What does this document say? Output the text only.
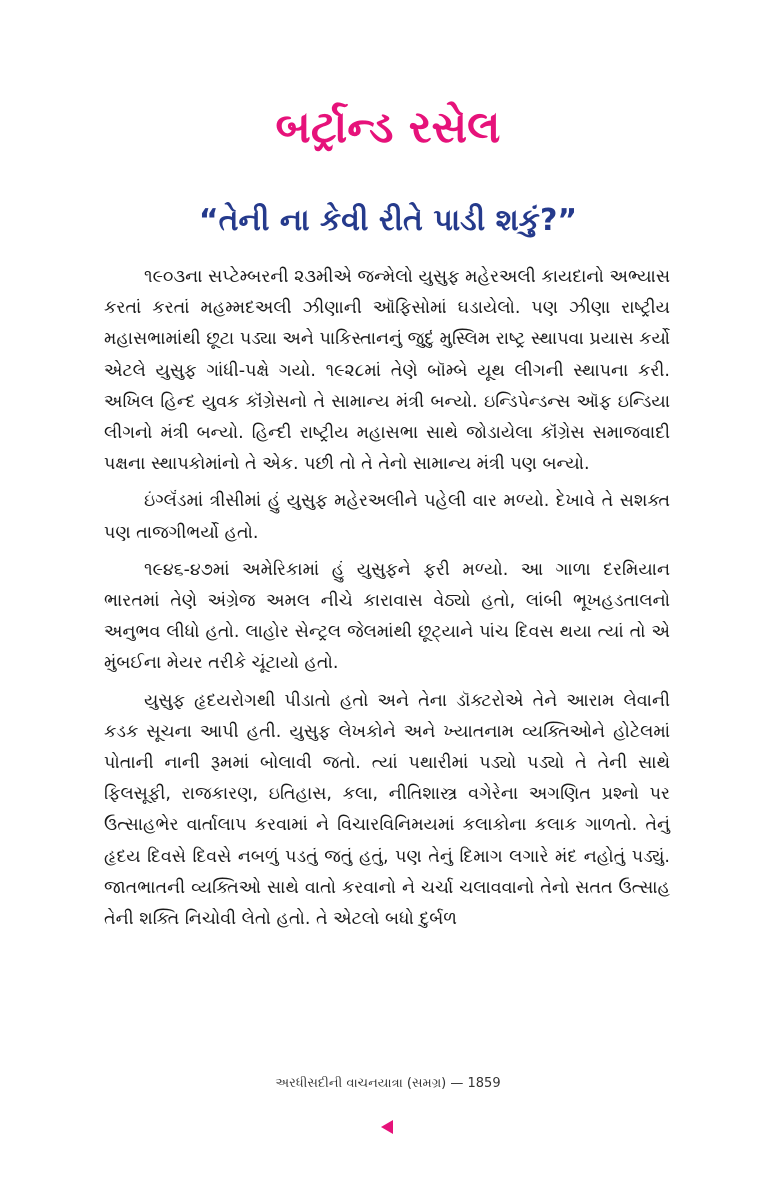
બર્ટ્રાન્ડ રસેલ
“તેની ના કેવી રીતે પાડી શકું?”

૧૯૦૩ના સપ્ટેમ્બરની ૨૩મીએ જન્મેલો યુસુફ મહેરઅલી કાયદાનો અભ્યાસ કરતાં કરતાં મહમ્મદઅલી ઝીણાની ઑફિસોમાં ઘડાયેલો. પણ ઝીણા રાષ્ટ્રીય મહાસભામાંથી છૂટા પડ્યા અને પાકિસ્તાનનું જુદું મુસ્લિમ રાષ્ટ્ર સ્થાપવા પ્રયાસ કર્યો એટલે યુસુફ ગાંધી-પક્ષે ગયો. ૧૯૨૮માં તેણે બૉમ્બે યૂથ લીગની સ્થાપના કરી. અખિલ હિન્દ યુવક કૉંગ્રેસનો તે સામાન્ય મંત્રી બન્યો. ઇન્ડિપેન્ડન્સ ઑફ ઇન્ડિયા લીગનો મંત્રી બન્યો. હિન્દી રાષ્ટ્રીય મહાસભા સાથે જોડાયેલા કૉંગ્રેસ સમાજવાદી પક્ષના સ્થાપકોમાંનો તે એક. પછી તો તે તેનો સામાન્ય મંત્રી પણ બન્યો.

ઇંગ્લૅંડમાં ત્રીસીમાં હું યુસુફ મહેરઅલીને પહેલી વાર મળ્યો. દેખાવે તે સશક્ત પણ તાજગીભર્યો હતો.

૧૯૪૬-૪૭માં અમેરિકામાં હું યુસુફને ફરી મળ્યો. આ ગાળા દરમિયાન ભારતમાં તેણે અંગ્રેજ અમલ નીચે કારાવાસ વેઠ્યો હતો, લાંબી ભૂખહડતાલનો અનુભવ લીધો હતો. લાહોર સેન્ટ્રલ જેલમાંથી છૂટ્યાને પાંચ દિવસ થયા ત્યાં તો એ મુંબઈના મેયર તરીકે ચૂંટાયો હતો.

યુસુફ હૃદયરોગથી પીડાતો હતો અને તેના ડૉક્ટરોએ તેને આરામ લેવાની કડક સૂચના આપી હતી. યુસુફ લેખકોને અને ખ્યાતનામ વ્યક્તિઓને હોટેલમાં પોતાની નાની રૂમમાં બોલાવી જતો. ત્યાં પથારીમાં પડ્યો પડ્યો તે તેની સાથે ફિલસૂફી, રાજકારણ, ઇતિહાસ, કલા, નીતિશાસ્ત્ર વગેરેના અગણિત પ્રશ્નો પર ઉત્સાહભેર વાર્તાલાપ કરવામાં ને વિચારવિનિમયમાં કલાકોના કલાક ગાળતો. તેનું હૃદય દિવસે દિવસે નબળું પડતું જતું હતું, પણ તેનું દિમાગ લગારે મંદ નહોતું પડ્યું. જાતભાતની વ્યક્તિઓ સાથે વાતો કરવાનો ને ચર્ચા ચલાવવાનો તેનો સતત ઉત્સાહ તેની શક્તિ નિચોવી લેતો હતો. તે એટલો બધો દુર્બળ

અરધીસદીની વાચનયાત્રા (સમગ્ર) — 1859
